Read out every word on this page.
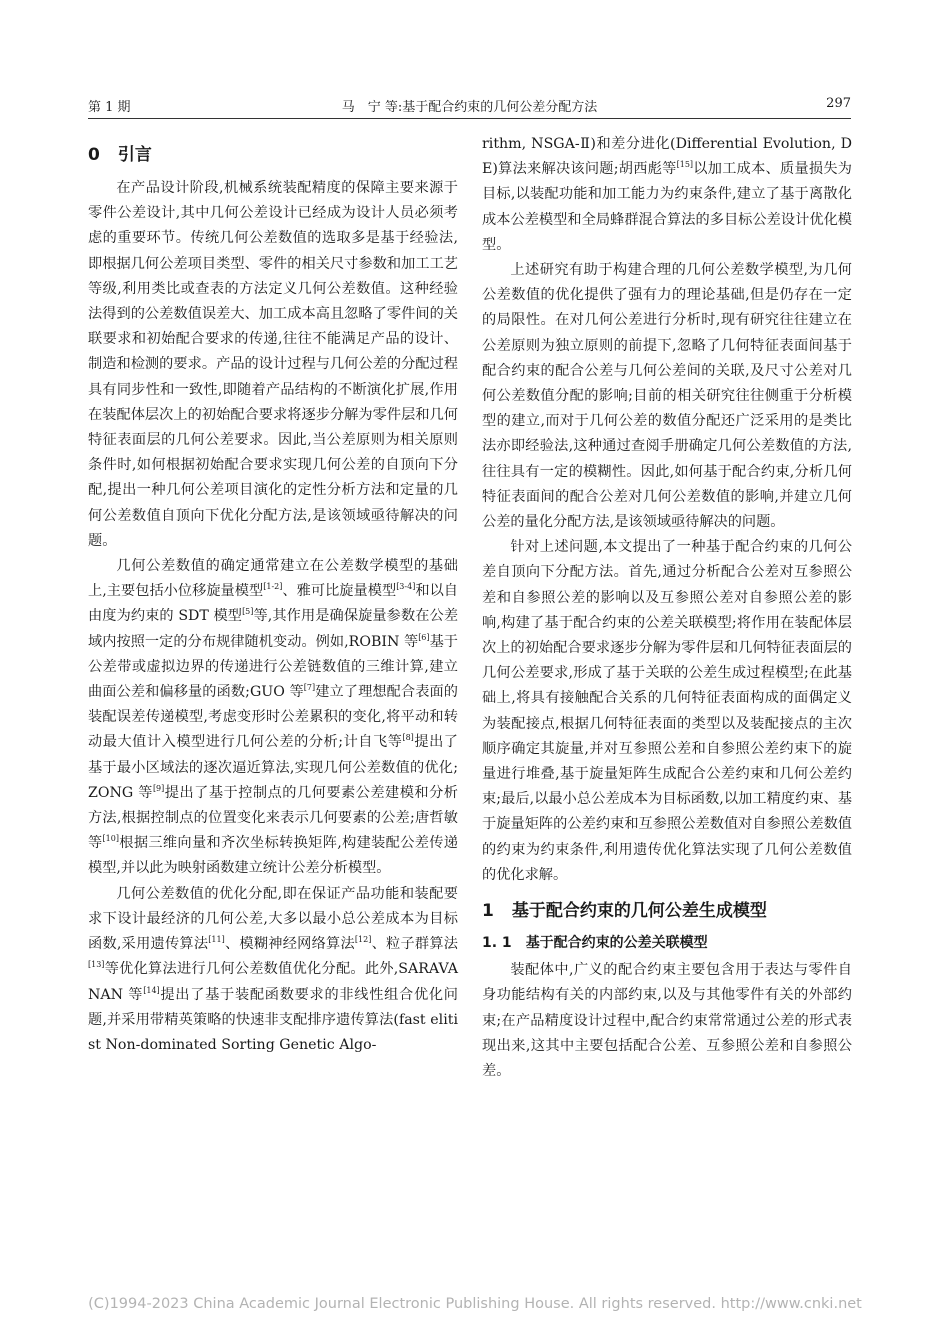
第 1 期	马　宁 等:基于配合约束的几何公差分配方法	297
0 引言

在产品设计阶段,机械系统装配精度的保障主要来源于零件公差设计,其中几何公差设计已经成为设计人员必须考虑的重要环节。传统几何公差数值的选取多是基于经验法,即根据几何公差项目类型、零件的相关尺寸参数和加工工艺等级,利用类比或查表的方法定义几何公差数值。这种经验法得到的公差数值误差大、加工成本高且忽略了零件间的关联要求和初始配合要求的传递,往往不能满足产品的设计、制造和检测的要求。产品的设计过程与几何公差的分配过程具有同步性和一致性,即随着产品结构的不断演化扩展,作用在装配体层次上的初始配合要求将逐步分解为零件层和几何特征表面层的几何公差要求。因此,当公差原则为相关原则条件时,如何根据初始配合要求实现几何公差的自顶向下分配,提出一种几何公差项目演化的定性分析方法和定量的几何公差数值自顶向下优化分配方法,是该领域亟待解决的问题。

几何公差数值的确定通常建立在公差数学模型的基础上,主要包括小位移旋量模型[1-2]、雅可比旋量模型[3-4]和以自由度为约束的 SDT 模型[5]等,其作用是确保旋量参数在公差域内按照一定的分布规律随机变动。例如,ROBIN 等[6]基于公差带或虚拟边界的传递进行公差链数值的三维计算,建立曲面公差和偏移量的函数;GUO 等[7]建立了理想配合表面的装配误差传递模型,考虑变形时公差累积的变化,将平动和转动最大值计入模型进行几何公差的分析;计自飞等[8]提出了基于最小区域法的逐次逼近算法,实现几何公差数值的优化;ZONG 等[9]提出了基于控制点的几何要素公差建模和分析方法,根据控制点的位置变化来表示几何要素的公差;唐哲敏等[10]根据三维向量和齐次坐标转换矩阵,构建装配公差传递模型,并以此为映射函数建立统计公差分析模型。

几何公差数值的优化分配,即在保证产品功能和装配要求下设计最经济的几何公差,大多以最小总公差成本为目标函数,采用遗传算法[11]、模糊神经网络算法[12]、粒子群算法[13]等优化算法进行几何公差数值优化分配。此外,SARAVANAN 等[14]提出了基于装配函数要求的非线性组合优化问题,并采用带精英策略的快速非支配排序遗传算法(fast elitist Non-dominated Sorting Genetic Algo-

rithm, NSGA-Ⅱ)和差分进化(Differential Evolution, DE)算法来解决该问题;胡西彪等[15]以加工成本、质量损失为目标,以装配功能和加工能力为约束条件,建立了基于离散化成本公差模型和全局蜂群混合算法的多目标公差设计优化模型。

上述研究有助于构建合理的几何公差数学模型,为几何公差数值的优化提供了强有力的理论基础,但是仍存在一定的局限性。在对几何公差进行分析时,现有研究往往建立在公差原则为独立原则的前提下,忽略了几何特征表面间基于配合约束的配合公差与几何公差间的关联,及尺寸公差对几何公差数值分配的影响;目前的相关研究往往侧重于分析模型的建立,而对于几何公差的数值分配还广泛采用的是类比法亦即经验法,这种通过查阅手册确定几何公差数值的方法,往往具有一定的模糊性。因此,如何基于配合约束,分析几何特征表面间的配合公差对几何公差数值的影响,并建立几何公差的量化分配方法,是该领域亟待解决的问题。

针对上述问题,本文提出了一种基于配合约束的几何公差自顶向下分配方法。首先,通过分析配合公差对互参照公差和自参照公差的影响以及互参照公差对自参照公差的影响,构建了基于配合约束的公差关联模型;将作用在装配体层次上的初始配合要求逐步分解为零件层和几何特征表面层的几何公差要求,形成了基于关联的公差生成过程模型;在此基础上,将具有接触配合关系的几何特征表面构成的面偶定义为装配接点,根据几何特征表面的类型以及装配接点的主次顺序确定其旋量,并对互参照公差和自参照公差约束下的旋量进行堆叠,基于旋量矩阵生成配合公差约束和几何公差约束;最后,以最小总公差成本为目标函数,以加工精度约束、基于旋量矩阵的公差约束和互参照公差数值对自参照公差数值的约束为约束条件,利用遗传优化算法实现了几何公差数值的优化求解。

1 基于配合约束的几何公差生成模型
1. 1 基于配合约束的公差关联模型

装配体中,广义的配合约束主要包含用于表达与零件自身功能结构有关的内部约束,以及与其他零件有关的外部约束;在产品精度设计过程中,配合约束常常通过公差的形式表现出来,这其中主要包括配合公差、互参照公差和自参照公差。

(C)1994-2023 China Academic Journal Electronic Publishing House. All rights reserved. http://www.cnki.net
